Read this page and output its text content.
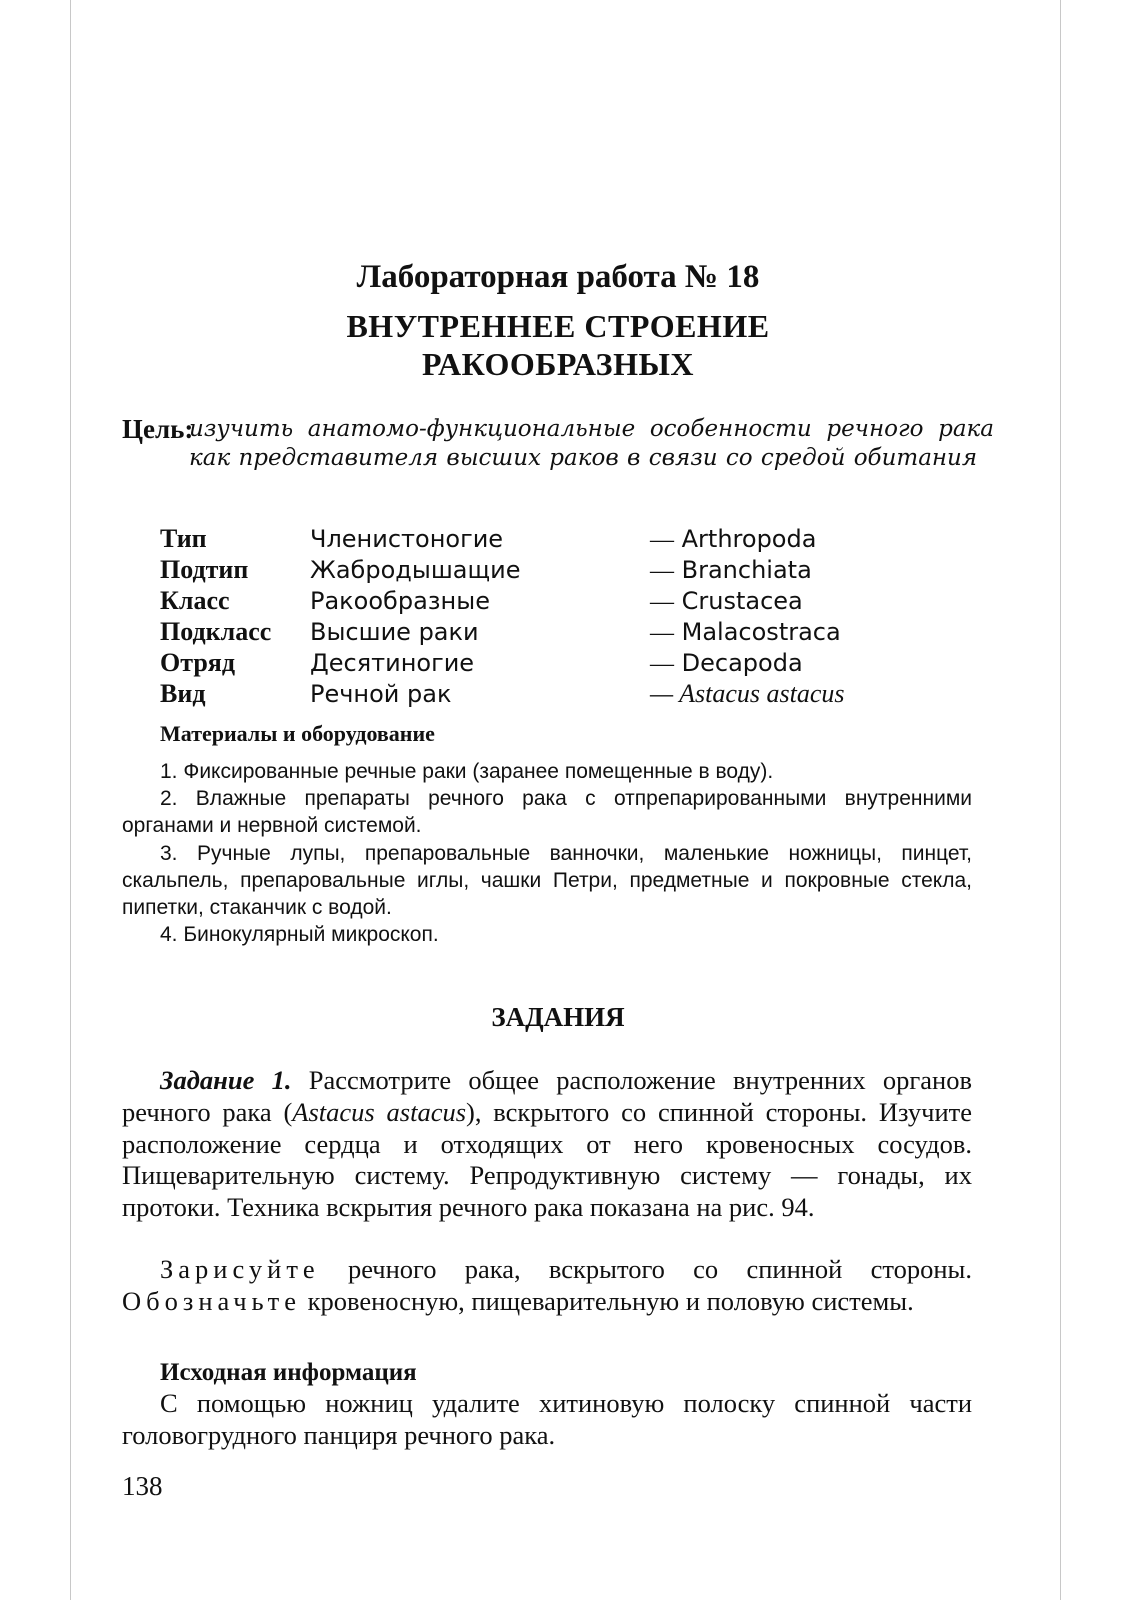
Лабораторная работа № 18
ВНУТРЕННЕЕ СТРОЕНИЕ
РАКООБРАЗНЫХ
Цель:
изучить анатомо-функциональные особенности речного рака как представителя высших раков в связи со средой обитания
Тип	Членистоногие	— Arthropoda
Подтип	Жабродышащие	— Branchiata
Класс	Ракообразные	— Crustacea
Подкласс	Высшие раки	— Malacostraca
Отряд	Десятиногие	— Decapoda
Вид	Речной рак	— Astacus astacus
Материалы и оборудование
1. Фиксированные речные раки (заранее помещенные в воду).
2. Влажные препараты речного рака с отпрепарированными внутренними органами и нервной системой.
3. Ручные лупы, препаровальные ванночки, маленькие ножницы, пинцет, скальпель, препаровальные иглы, чашки Петри, предметные и покровные стекла, пипетки, стаканчик с водой.
4. Бинокулярный микроскоп.
ЗАДАНИЯ

Задание 1. Рассмотрите общее расположение внутренних органов речного рака (Astacus astacus), вскрытого со спинной стороны. Изучите расположение сердца и отходящих от него кровеносных сосудов. Пищеварительную систему. Репродуктивную систему — гонады, их протоки. Техника вскрытия речного рака показана на рис. 94.

Зарисуйте речного рака, вскрытого со спинной стороны. Обозначьте кровеносную, пищеварительную и половую системы.

Исходная информация

С помощью ножниц удалите хитиновую полоску спинной части головогрудного панциря речного рака.

138
